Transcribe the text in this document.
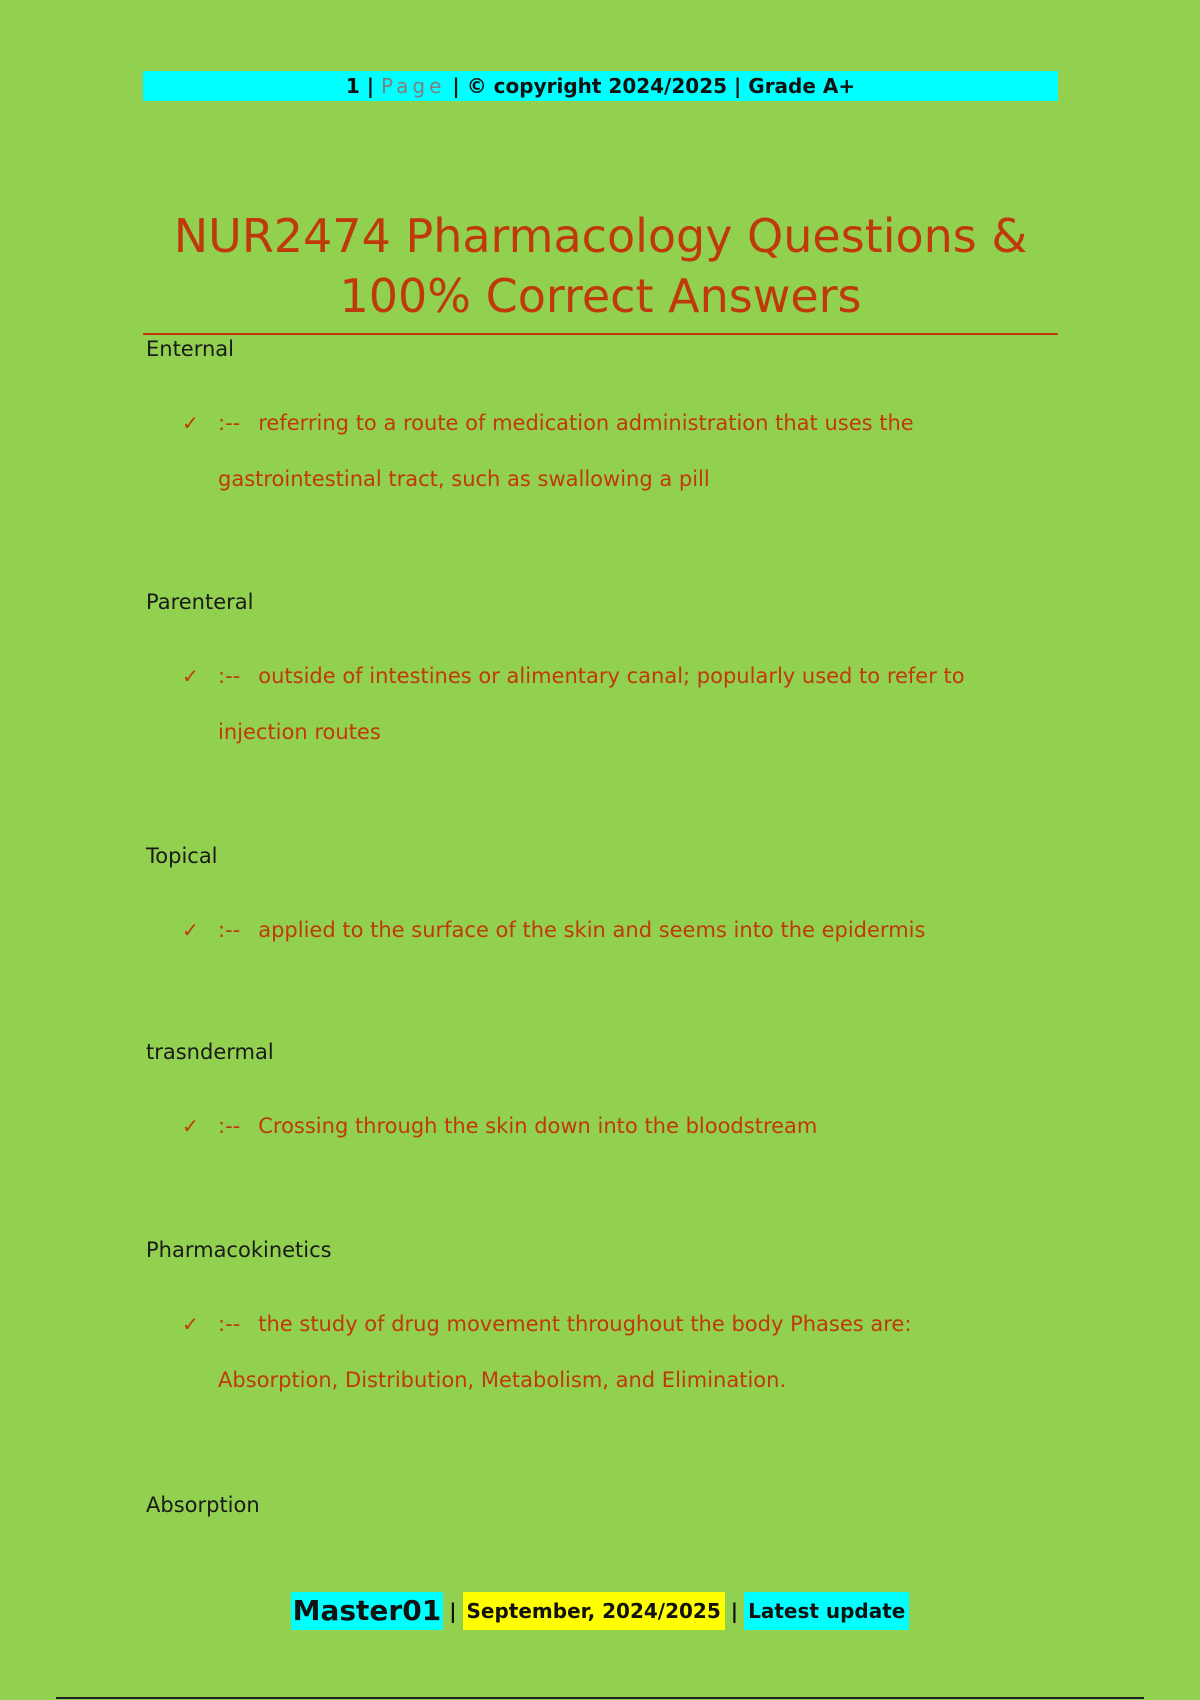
1 | Page | © copyright 2024/2025 | Grade A+
NUR2474 Pharmacology Questions &
100% Correct Answers
Enternal
✓ :-- referring to a route of medication administration that uses the gastrointestinal tract, such as swallowing a pill
Parenteral
✓ :-- outside of intestines or alimentary canal; popularly used to refer to injection routes
Topical
✓ :-- applied to the surface of the skin and seems into the epidermis
trasndermal
✓ :-- Crossing through the skin down into the bloodstream
Pharmacokinetics
✓ :-- the study of drug movement throughout the body Phases are: Absorption, Distribution, Metabolism, and Elimination.
Absorption
Master01 | September, 2024/2025 | Latest update
